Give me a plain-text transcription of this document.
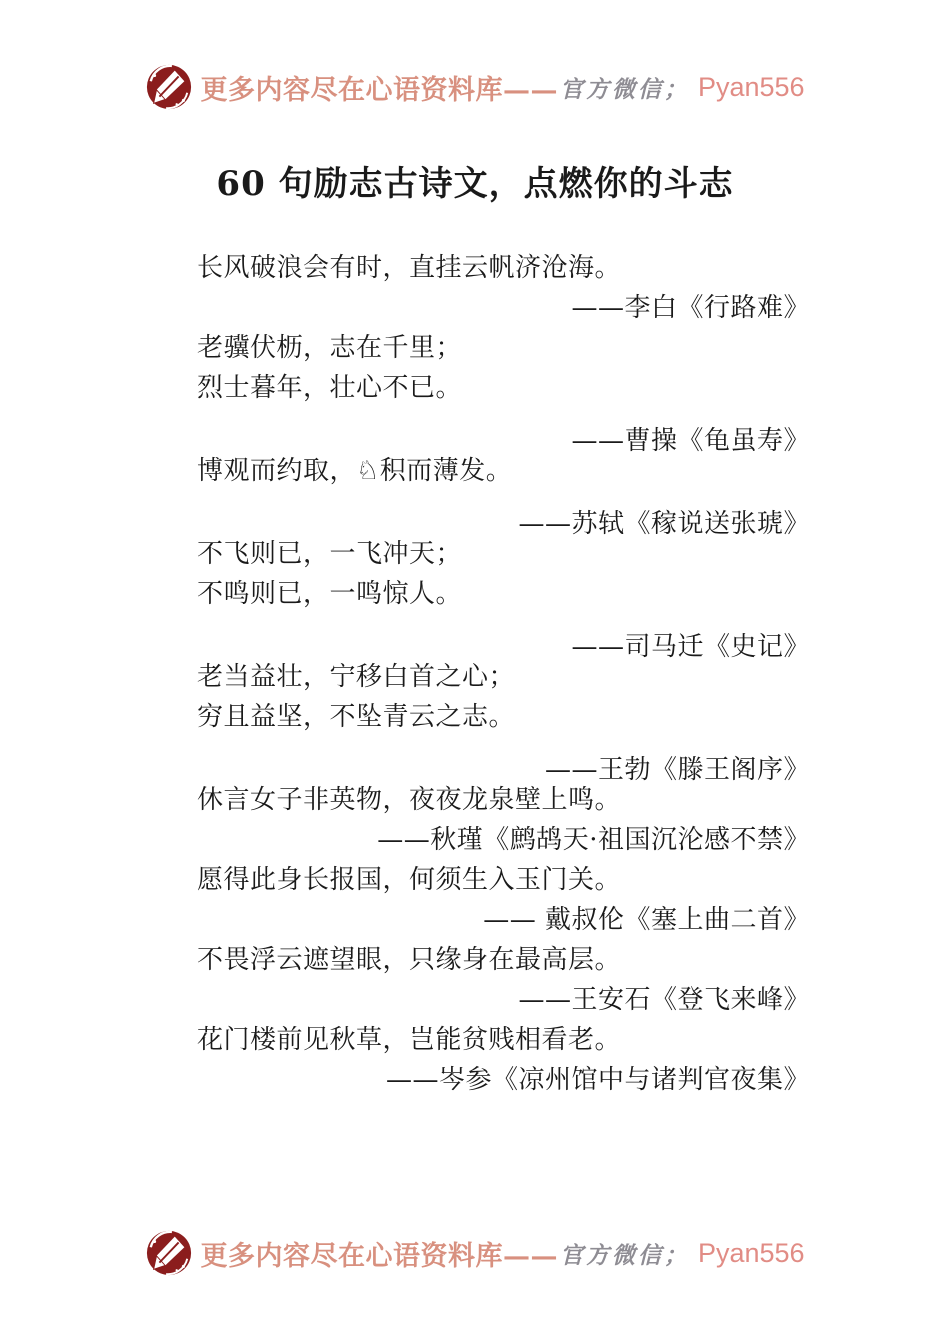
更多内容尽在心语资料库—— 官方微信； Pyan556
60 句励志古诗文，点燃你的斗志
长风破浪会有时，直挂云帆济沧海。
——李白《行路难》
老骥伏枥，志在千里；
烈士暮年，壮心不已。
——曹操《龟虽寿》
博观而约取，♘积而薄发。
——苏轼《稼说送张琥》
不飞则已，一飞冲天；
不鸣则已，一鸣惊人。
——司马迁《史记》
老当益壮，宁移白首之心；
穷且益坚，不坠青云之志。
——王勃《滕王阁序》
休言女子非英物，夜夜龙泉壁上鸣。
——秋瑾《鹧鸪天·祖国沉沦感不禁》
愿得此身长报国，何须生入玉门关。
—— 戴叔伦《塞上曲二首》
不畏浮云遮望眼，只缘身在最高层。
——王安石《登飞来峰》
花门楼前见秋草，岂能贫贱相看老。
——岑参《凉州馆中与诸判官夜集》
更多内容尽在心语资料库—— 官方微信； Pyan556
